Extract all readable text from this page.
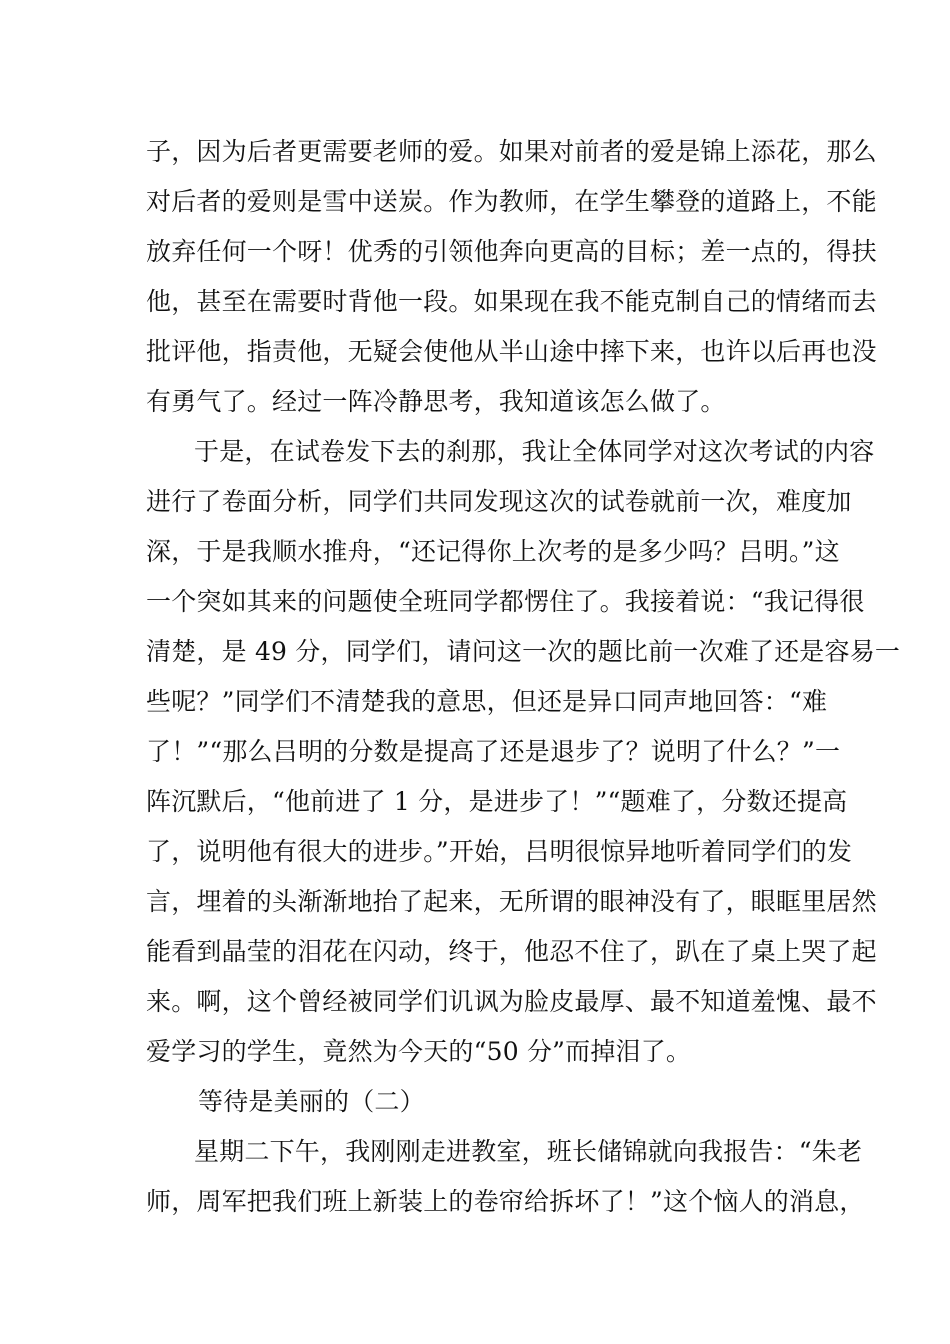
子，因为后者更需要老师的爱。如果对前者的爱是锦上添花，那么
对后者的爱则是雪中送炭。作为教师，在学生攀登的道路上，不能
放弃任何一个呀！优秀的引领他奔向更高的目标；差一点的，得扶
他，甚至在需要时背他一段。如果现在我不能克制自己的情绪而去
批评他，指责他，无疑会使他从半山途中摔下来，也许以后再也没
有勇气了。经过一阵冷静思考，我知道该怎么做了。
于是，在试卷发下去的刹那，我让全体同学对这次考试的内容
进行了卷面分析，同学们共同发现这次的试卷就前一次，难度加
深，于是我顺水推舟，“还记得你上次考的是多少吗？吕明。”这
一个突如其来的问题使全班同学都愣住了。我接着说：“我记得很
清楚，是 49 分，同学们，请问这一次的题比前一次难了还是容易一
些呢？”同学们不清楚我的意思，但还是异口同声地回答：“难
了！”“那么吕明的分数是提高了还是退步了？说明了什么？”一
阵沉默后，“他前进了 1 分，是进步了！”“题难了，分数还提高
了，说明他有很大的进步。”开始，吕明很惊异地听着同学们的发
言，埋着的头渐渐地抬了起来，无所谓的眼神没有了，眼眶里居然
能看到晶莹的泪花在闪动，终于，他忍不住了，趴在了桌上哭了起
来。啊，这个曾经被同学们讥讽为脸皮最厚、最不知道羞愧、最不
爱学习的学生，竟然为今天的“50 分”而掉泪了。
等待是美丽的（二）
星期二下午，我刚刚走进教室，班长储锦就向我报告：“朱老
师，周军把我们班上新装上的卷帘给拆坏了！”这个恼人的消息，
